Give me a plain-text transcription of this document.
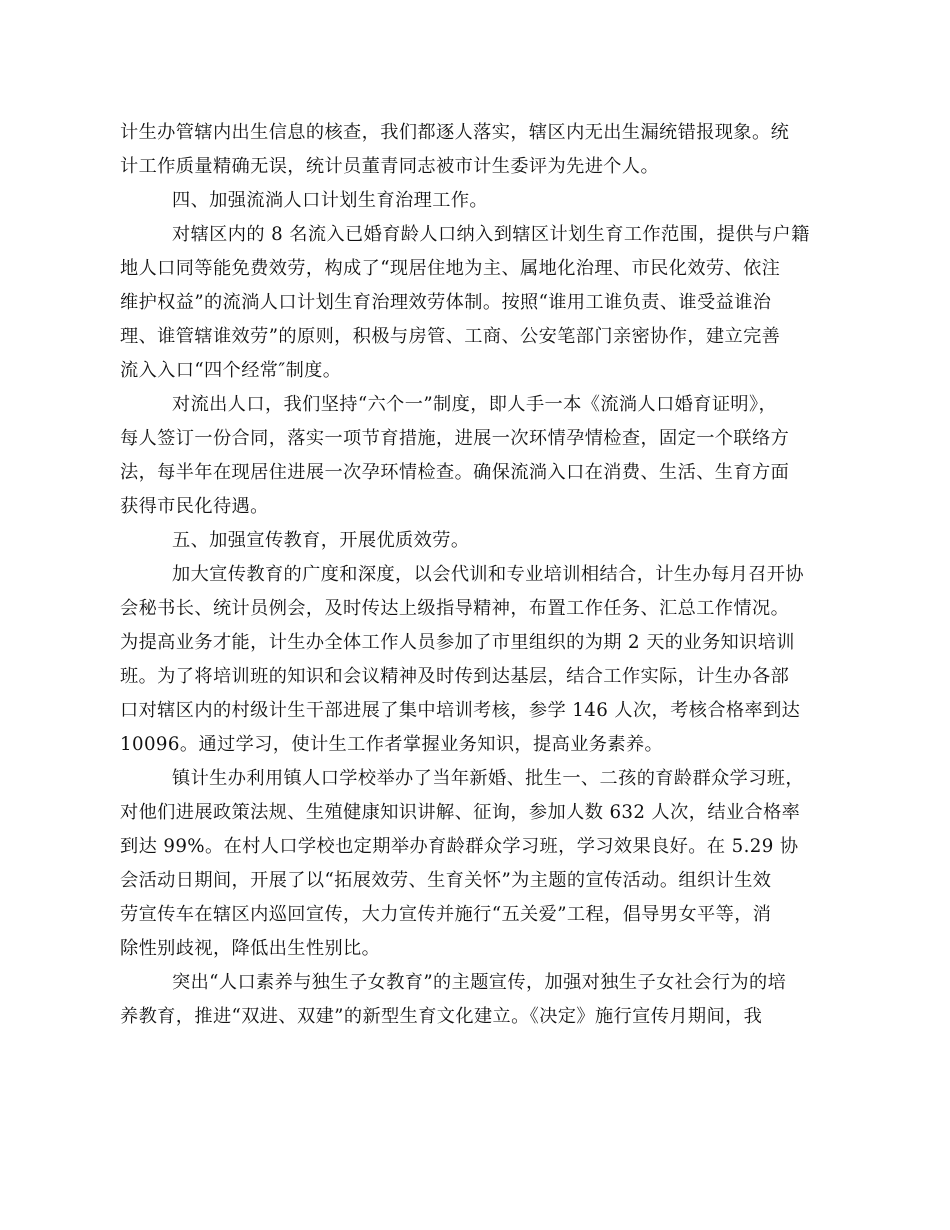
计生办管辖内出生信息的核查，我们都逐人落实，辖区内无出生漏统错报现象。统
计工作质量精确无误，统计员董青同志被市计生委评为先进个人。
四、加强流淌人口计划生育治理工作。
对辖区内的 8 名流入已婚育龄人口纳入到辖区计划生育工作范围，提供与户籍
地人口同等能免费效劳，构成了“现居住地为主、属地化治理、市民化效劳、依注
维护权益”的流淌人口计划生育治理效劳体制。按照“谁用工谁负责、谁受益谁治
理、谁管辖谁效劳”的原则，积极与房管、工商、公安笔部门亲密协作，建立完善
流入入口“四个经常″制度。
对流出人口，我们坚持“六个一”制度，即人手一本《流淌人口婚育证明》，
每人签订一份合同，落实一项节育措施，进展一次环情孕情检查，固定一个联络方
法，每半年在现居住进展一次孕环情检查。确保流淌入口在消费、生活、生育方面
获得市民化待遇。
五、加强宣传教育，开展优质效劳。
加大宣传教育的广度和深度，以会代训和专业培训相结合，计生办每月召开协
会秘书长、统计员例会，及时传达上级指导精神，布置工作任务、汇总工作情况。
为提高业务才能，计生办全体工作人员参加了市里组织的为期 2 天的业务知识培训
班。为了将培训班的知识和会议精神及时传到达基层，结合工作实际，计生办各部
口对辖区内的村级计生干部进展了集中培训考核，参学 146 人次，考核合格率到达
10096。通过学习，使计生工作者掌握业务知识，提高业务素养。
镇计生办利用镇人口学校举办了当年新婚、批生一、二孩的育龄群众学习班，
对他们进展政策法规、生殖健康知识讲解、征询，参加人数 632 人次，结业合格率
到达 99%。在村人口学校也定期举办育龄群众学习班，学习效果良好。在 5.29 协
会活动日期间，开展了以“拓展效劳、生育关怀”为主题的宣传活动。组织计生效
劳宣传车在辖区内巡回宣传，大力宣传并施行“五关爱”工程，倡导男女平等，消
除性别歧视，降低出生性别比。
突出“人口素养与独生子女教育”的主题宣传，加强对独生子女社会行为的培
养教育，推进“双进、双建”的新型生育文化建立。《决定》施行宣传月期间，我
